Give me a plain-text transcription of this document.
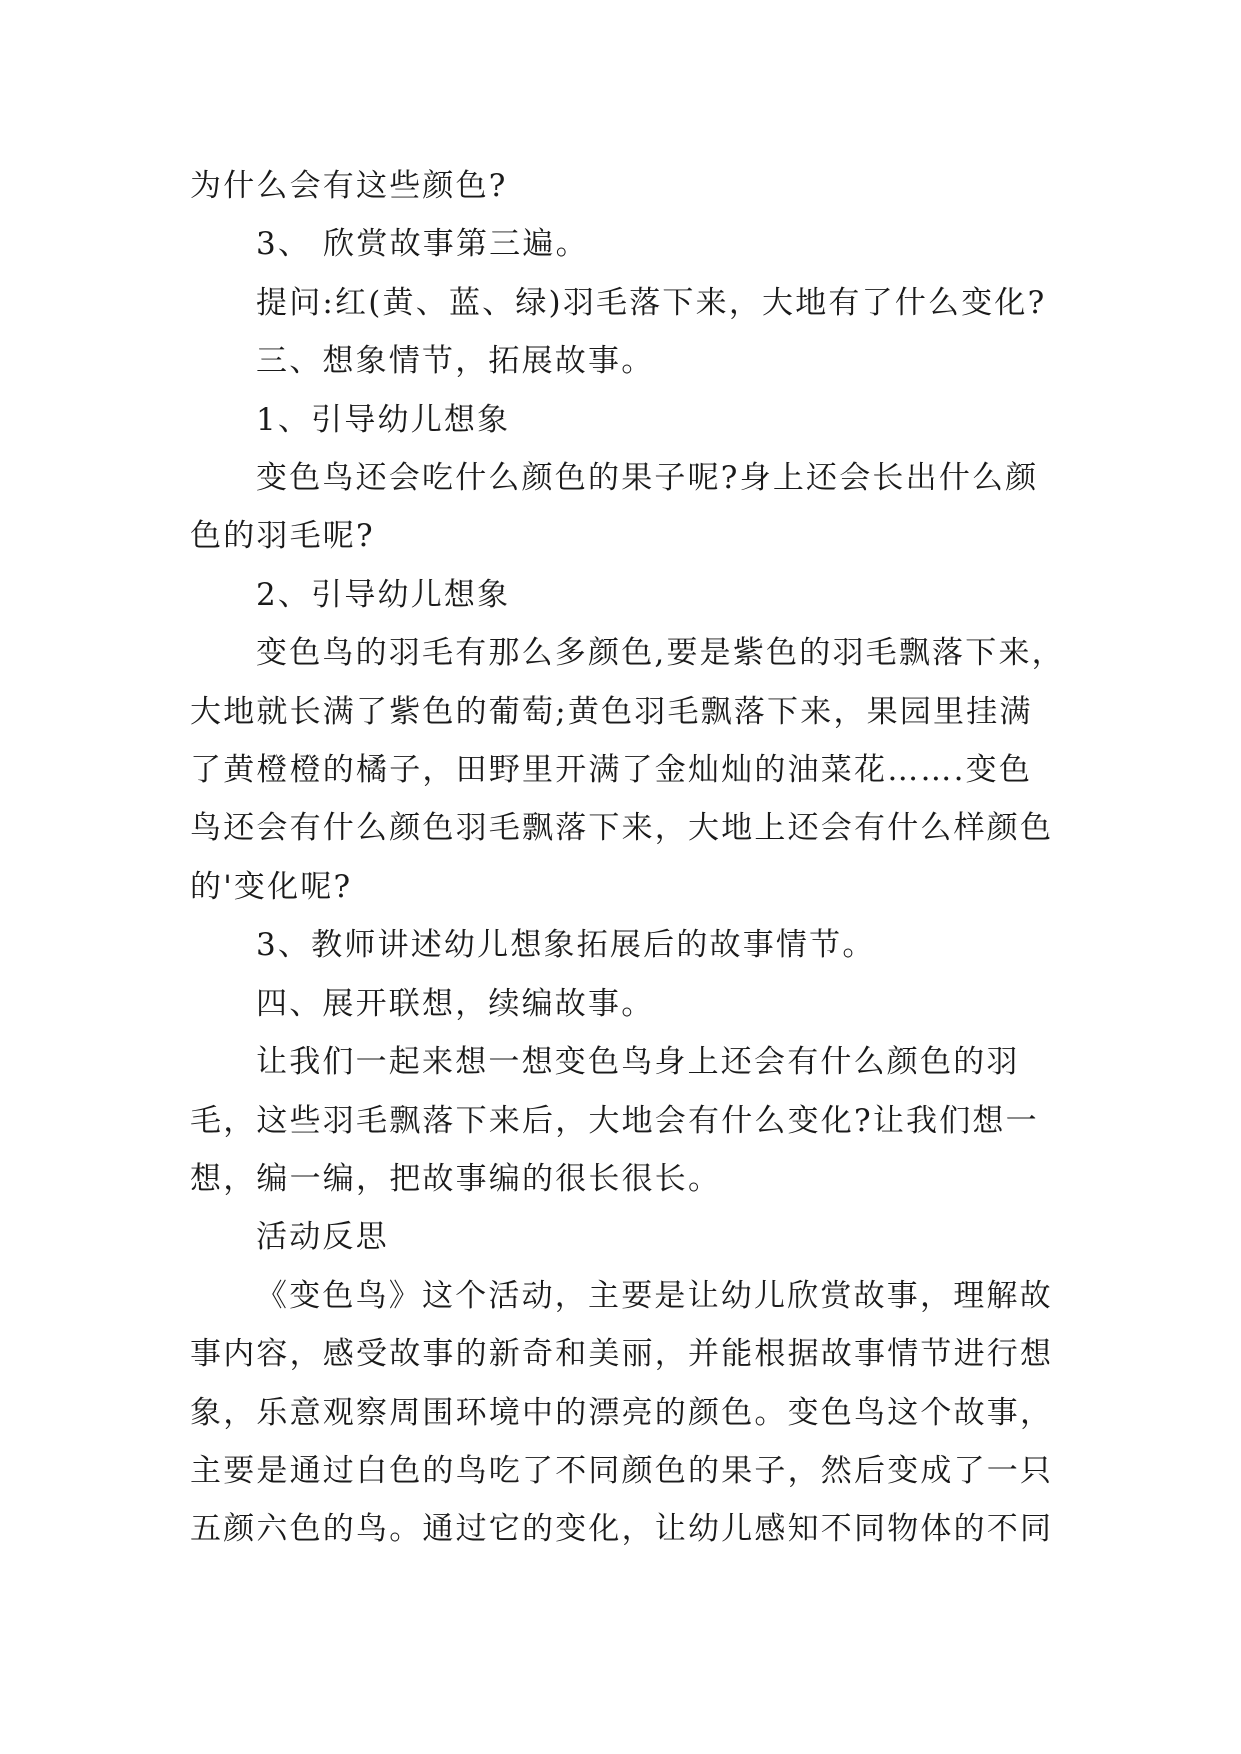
为什么会有这些颜色?

3、 欣赏故事第三遍。

提问:红(黄、蓝、绿)羽毛落下来，大地有了什么变化?

三、想象情节，拓展故事。

1、引导幼儿想象

变色鸟还会吃什么颜色的果子呢?身上还会长出什么颜

色的羽毛呢?

2、引导幼儿想象

变色鸟的羽毛有那么多颜色,要是紫色的羽毛飘落下来，

大地就长满了紫色的葡萄;黄色羽毛飘落下来，果园里挂满

了黄橙橙的橘子，田野里开满了金灿灿的油菜花…….变色

鸟还会有什么颜色羽毛飘落下来，大地上还会有什么样颜色

的'变化呢?

3、教师讲述幼儿想象拓展后的故事情节。

四、展开联想，续编故事。

让我们一起来想一想变色鸟身上还会有什么颜色的羽

毛，这些羽毛飘落下来后，大地会有什么变化?让我们想一

想，编一编，把故事编的很长很长。

活动反思

《变色鸟》这个活动，主要是让幼儿欣赏故事，理解故

事内容，感受故事的新奇和美丽，并能根据故事情节进行想

象，乐意观察周围环境中的漂亮的颜色。变色鸟这个故事，

主要是通过白色的鸟吃了不同颜色的果子，然后变成了一只

五颜六色的鸟。通过它的变化，让幼儿感知不同物体的不同
